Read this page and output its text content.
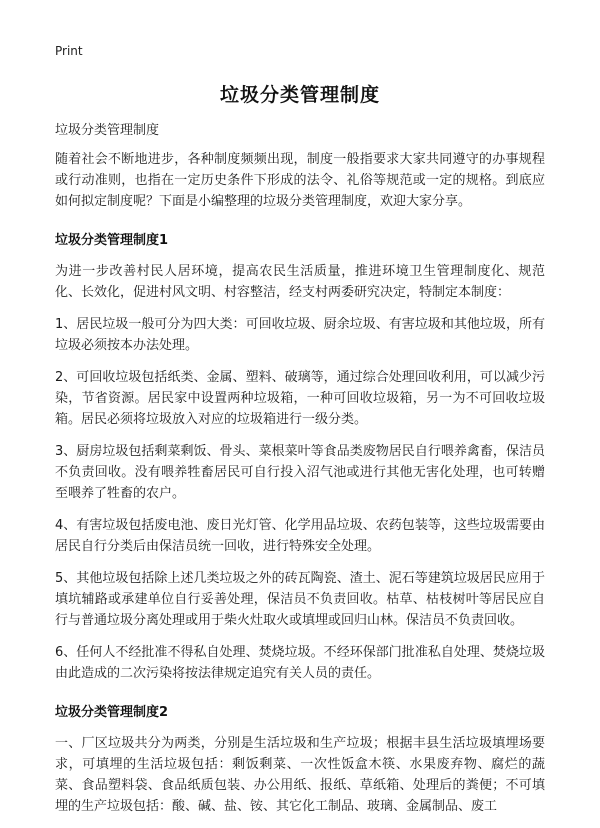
Print
垃圾分类管理制度

垃圾分类管理制度

随着社会不断地进步，各种制度频频出现，制度一般指要求大家共同遵守的办事规程或行动准则，也指在一定历史条件下形成的法令、礼俗等规范或一定的规格。到底应如何拟定制度呢？下面是小编整理的垃圾分类管理制度，欢迎大家分享。

垃圾分类管理制度1

为进一步改善村民人居环境，提高农民生活质量，推进环境卫生管理制度化、规范化、长效化，促进村风文明、村容整洁，经支村两委研究决定，特制定本制度：

1、居民垃圾一般可分为四大类：可回收垃圾、厨余垃圾、有害垃圾和其他垃圾，所有垃圾必须按本办法处理。

2、可回收垃圾包括纸类、金属、塑料、破璃等，通过综合处理回收利用，可以减少污染，节省资源。居民家中设置两种垃圾箱，一种可回收垃圾箱，另一为不可回收垃圾箱。居民必须将垃圾放入对应的垃圾箱进行一级分类。

3、厨房垃圾包括剩菜剩饭、骨头、菜根菜叶等食品类废物居民自行喂养禽畜，保洁员不负责回收。没有喂养牲畜居民可自行投入沼气池或进行其他无害化处理，也可转赠至喂养了牲畜的农户。

4、有害垃圾包括废电池、废日光灯管、化学用品垃圾、农药包装等，这些垃圾需要由居民自行分类后由保洁员统一回收，进行特殊安全处理。

5、其他垃圾包括除上述几类垃圾之外的砖瓦陶瓷、渣土、泥石等建筑垃圾居民应用于填坑辅路或承建单位自行妥善处理，保洁员不负责回收。枯草、枯枝树叶等居民应自行与普通垃圾分离处理或用于柴火灶取火或填埋或回归山林。保洁员不负责回收。

6、任何人不经批准不得私自处理、焚烧垃圾。不经环保部门批准私自处理、焚烧垃圾由此造成的二次污染将按法律规定追究有关人员的责任。

垃圾分类管理制度2

一、厂区垃圾共分为两类，分别是生活垃圾和生产垃圾；根据丰县生活垃圾填埋场要求，可填埋的生活垃圾包括：剩饭剩菜、一次性饭盒木筷、水果废弃物、腐烂的蔬菜、食品塑料袋、食品纸质包装、办公用纸、报纸、草纸箱、处理后的粪便；不可填埋的生产垃圾包括：酸、碱、盐、铵、其它化工制品、玻璃、金属制品、废工
